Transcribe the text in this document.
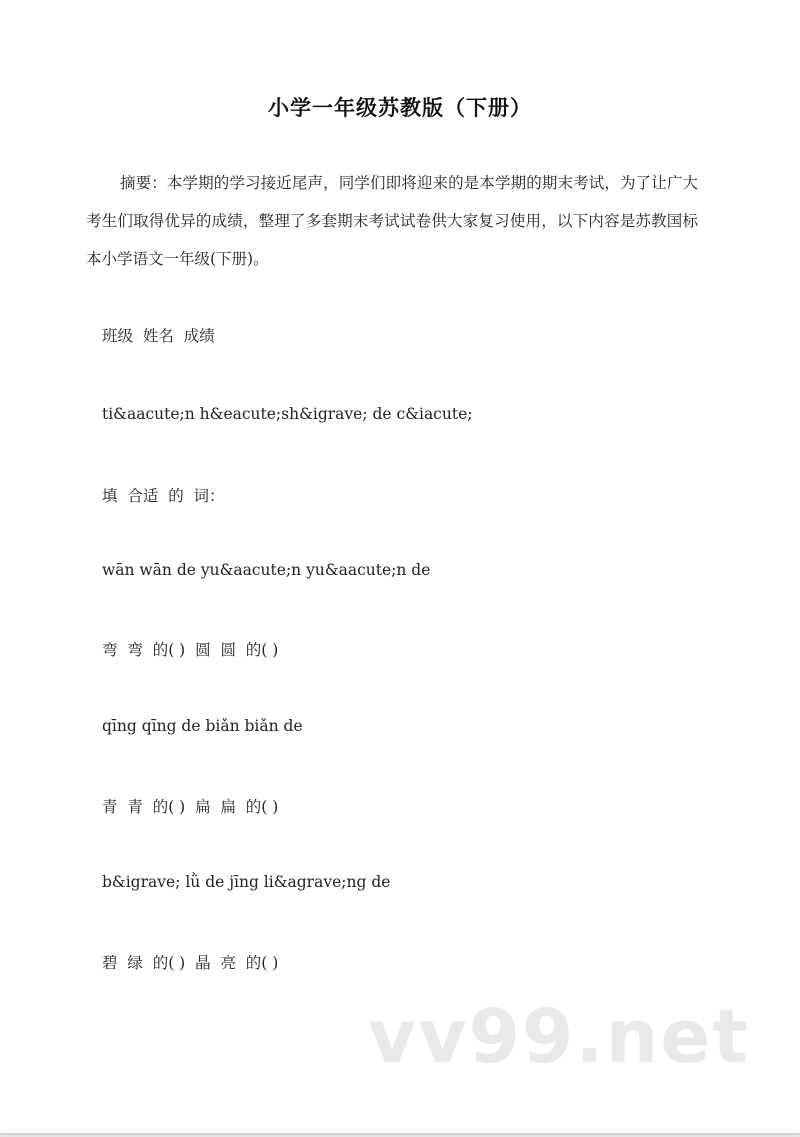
小学一年级苏教版（下册）

摘要：本学期的学习接近尾声，同学们即将迎来的是本学期的期末考试，为了让广大考生们取得优异的成绩，整理了多套期末考试试卷供大家复习使用，以下内容是苏教国标本小学语文一年级(下册)。

班级  姓名  成绩

ti&aacute;n h&eacute;sh&igrave; de c&iacute;

填  合适  的  词：

wān wān de yu&aacute;n yu&aacute;n de

弯  弯  的( )  圆  圆  的( )

qīng qīng de biǎn biǎn de

青  青  的( )  扁  扁  的( )

b&igrave; lǜ de jīng li&agrave;ng de

碧  绿  的( )  晶  亮  的( )

vv99.net
